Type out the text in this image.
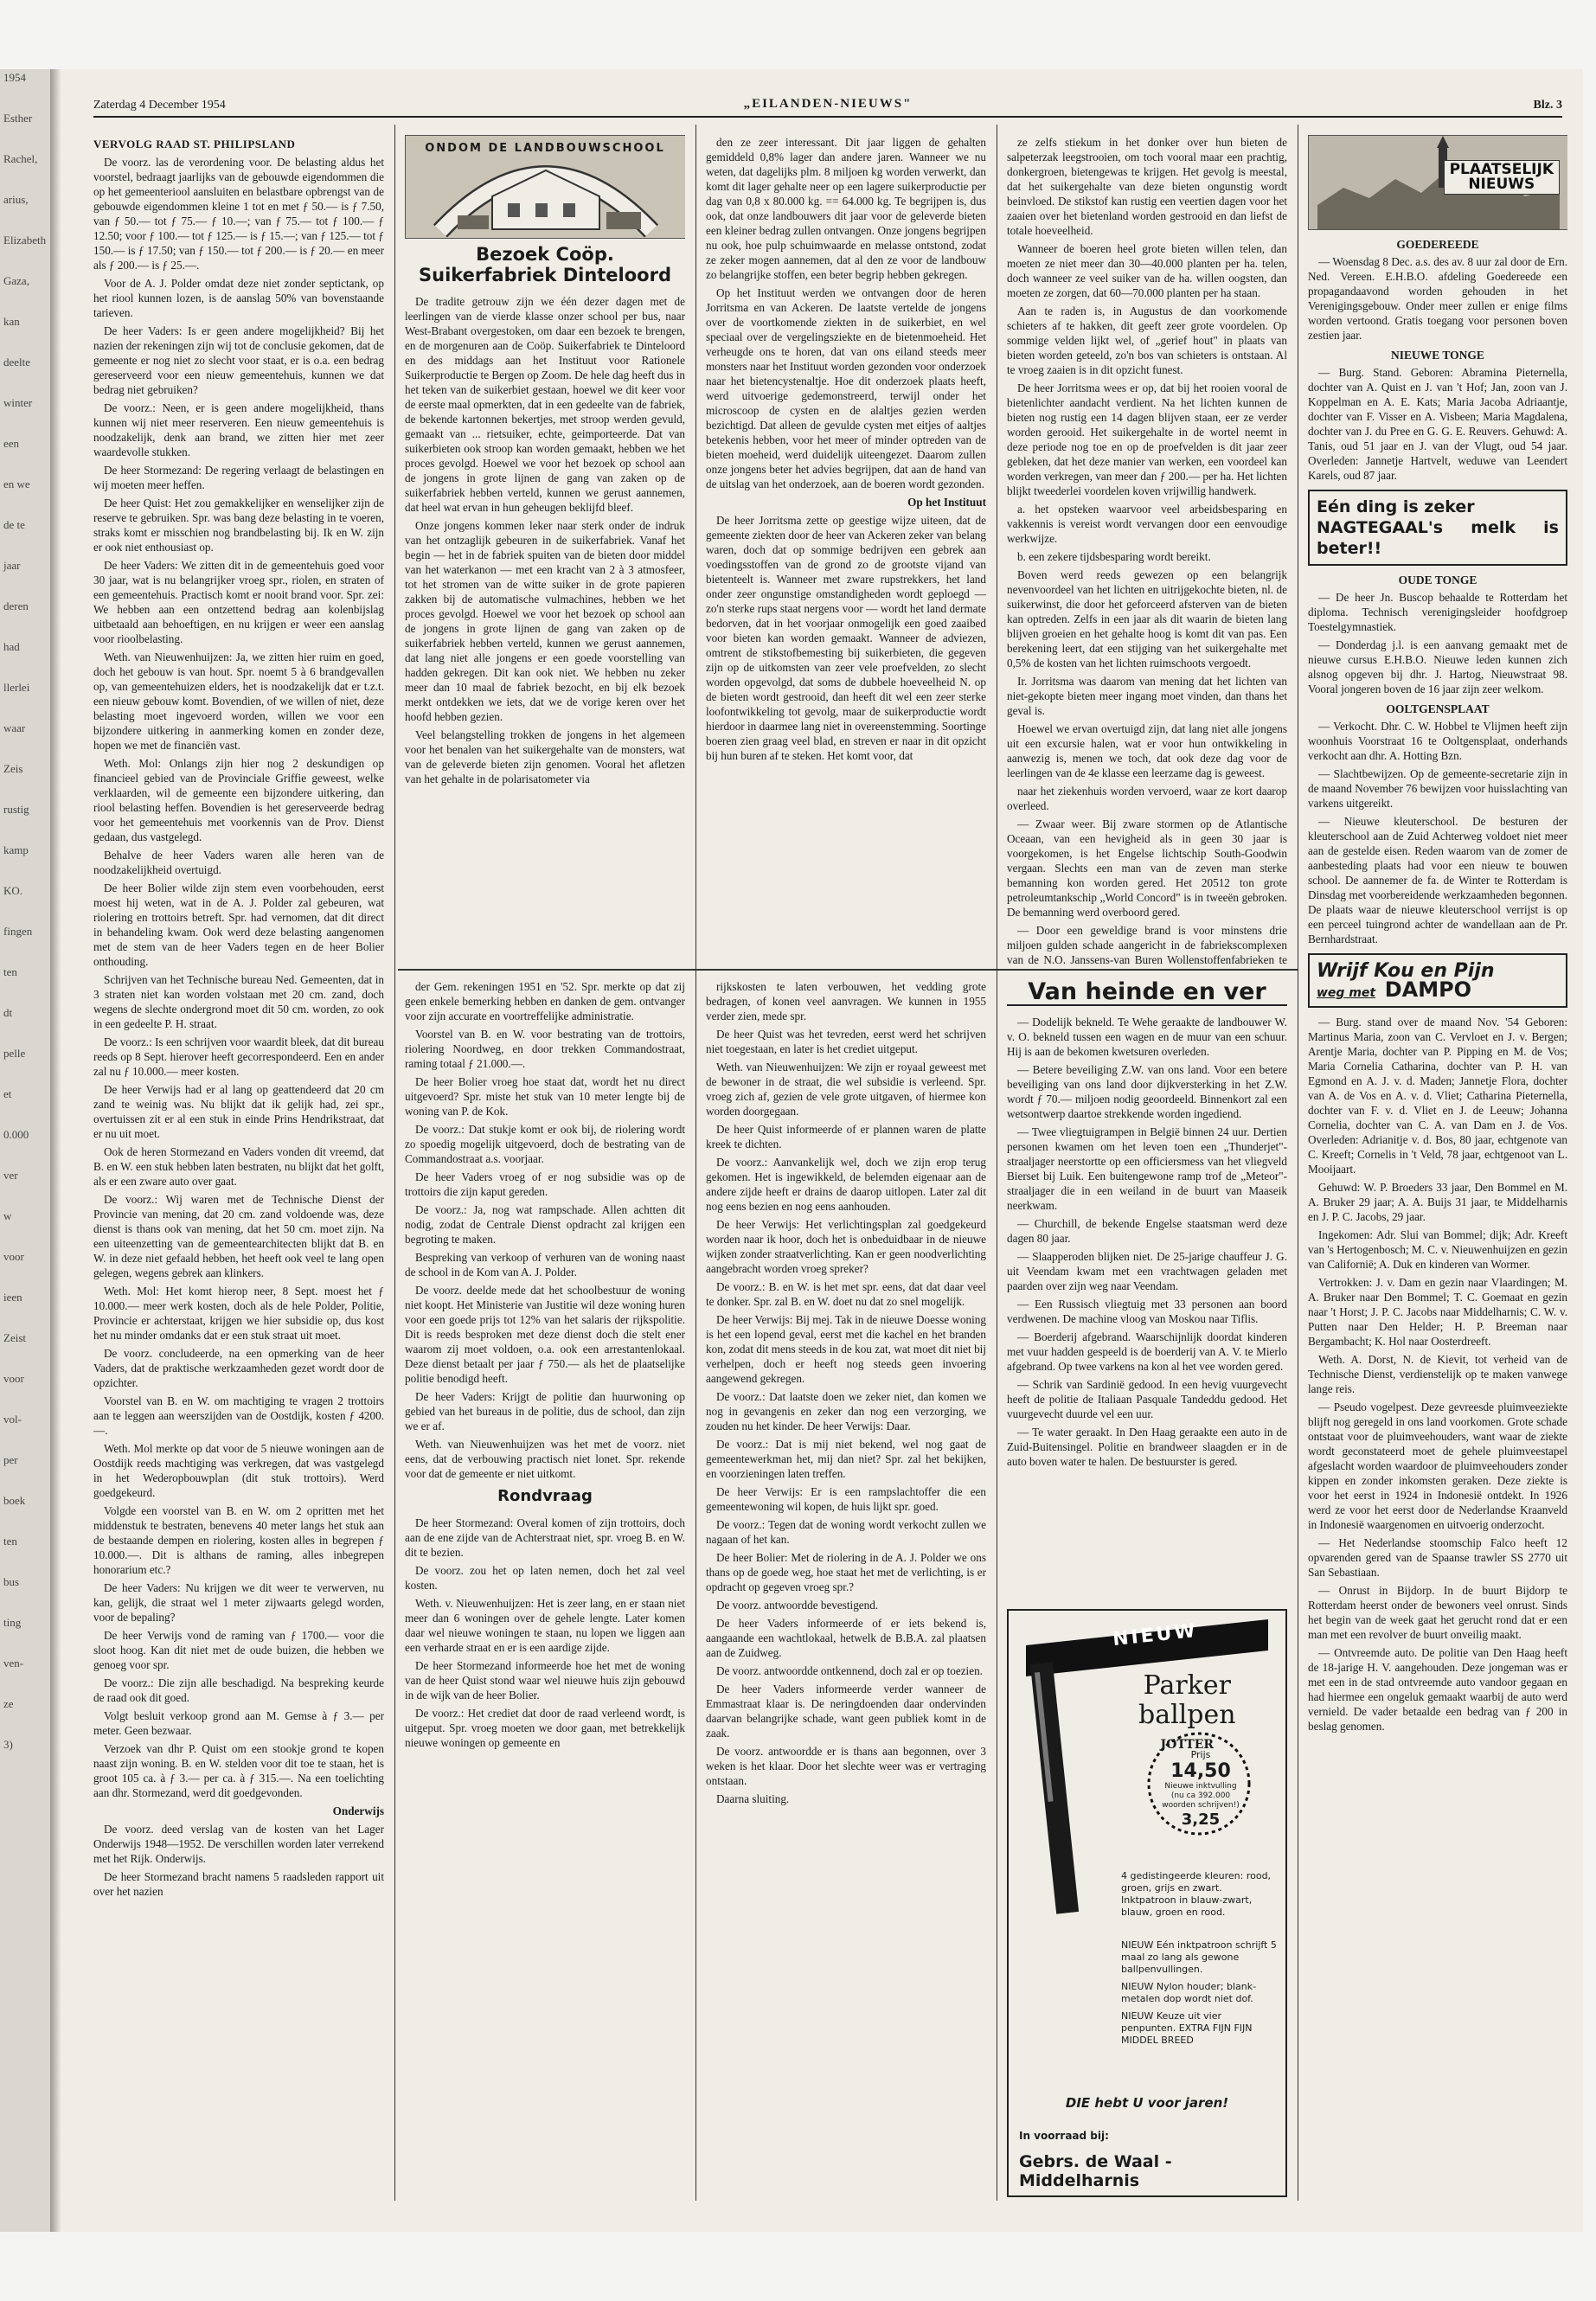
1954
Esther
Rachel,
arius,
Elizabeth
Gaza,
kan
deelte
winter
een
en we
de te
jaar
deren
had
llerlei
waar
Zeis
rustig
kamp
KO.
fingen
ten
dt
pelle
et
0.000
ver
w
voor
ieen
Zeist
voor
vol-
per
boek
ten
bus
ting
ven-
ze
3)
Zaterdag 4 December 1954	„EILANDEN-NIEUWS"	Blz. 3
VERVOLG RAAD ST. PHILIPSLAND

De voorz. las de verordening voor. De belasting aldus het voorstel, bedraagt jaarlijks van de gebouwde eigendommen die op het gemeenteriool aansluiten en belastbare opbrengst van de gebouwde eigendommen kleine 1 tot en met ƒ 50.— is ƒ 7.50, van ƒ 50.— tot ƒ 75.— ƒ 10.—; van ƒ 75.— tot ƒ 100.— ƒ 12.50; voor ƒ 100.— tot ƒ 125.— is ƒ 15.—; van ƒ 125.— tot ƒ 150.— is ƒ 17.50; van ƒ 150.— tot ƒ 200.— is ƒ 20.— en meer als ƒ 200.— is ƒ 25.—.

Voor de A. J. Polder omdat deze niet zonder septictank, op het riool kunnen lozen, is de aanslag 50% van bovenstaande tarieven.

De heer Vaders: Is er geen andere mogelijkheid? Bij het nazien der rekeningen zijn wij tot de conclusie gekomen, dat de gemeente er nog niet zo slecht voor staat, er is o.a. een bedrag gereserveerd voor een nieuw gemeentehuis, kunnen we dat bedrag niet gebruiken?

De voorz.: Neen, er is geen andere mogelijkheid, thans kunnen wij niet meer reserveren. Een nieuw gemeentehuis is noodzakelijk, denk aan brand, we zitten hier met zeer waardevolle stukken.

De heer Stormezand: De regering verlaagt de belastingen en wij moeten meer heffen.

De heer Quist: Het zou gemakkelijker en wenselijker zijn de reserve te gebruiken. Spr. was bang deze belasting in te voeren, straks komt er misschien nog brandbelasting bij. Ik en W. zijn er ook niet enthousiast op.

De heer Vaders: We zitten dit in de gemeentehuis goed voor 30 jaar, wat is nu belangrijker vroeg spr., riolen, en straten of een gemeentehuis. Practisch komt er nooit brand voor. Spr. zei: We hebben aan een ontzettend bedrag aan kolenbijslag uitbetaald aan behoeftigen, en nu krijgen er weer een aanslag voor rioolbelasting.

Weth. van Nieuwenhuijzen: Ja, we zitten hier ruim en goed, doch het gebouw is van hout. Spr. noemt 5 à 6 brandgevallen op, van gemeentehuizen elders, het is noodzakelijk dat er t.z.t. een nieuw gebouw komt. Bovendien, of we willen of niet, deze belasting moet ingevoerd worden, willen we voor een bijzondere uitkering in aanmerking komen en zonder deze, hopen we met de financiën vast.

Weth. Mol: Onlangs zijn hier nog 2 deskundigen op financieel gebied van de Provinciale Griffie geweest, welke verklaarden, wil de gemeente een bijzondere uitkering, dan riool belasting heffen. Bovendien is het gereserveerde bedrag voor het gemeentehuis met voorkennis van de Prov. Dienst gedaan, dus vastgelegd.

Behalve de heer Vaders waren alle heren van de noodzakelijkheid overtuigd.

De heer Bolier wilde zijn stem even voorbehouden, eerst moest hij weten, wat in de A. J. Polder zal gebeuren, wat riolering en trottoirs betreft. Spr. had vernomen, dat dit direct in behandeling kwam. Ook werd deze belasting aangenomen met de stem van de heer Vaders tegen en de heer Bolier onthouding.

Schrijven van het Technische bureau Ned. Gemeenten, dat in 3 straten niet kan worden volstaan met 20 cm. zand, doch wegens de slechte ondergrond moet dit 50 cm. worden, zo ook in een gedeelte P. H. straat.

De voorz.: Is een schrijven voor waardit bleek, dat dit bureau reeds op 8 Sept. hierover heeft gecorrespondeerd. Een en ander zal nu ƒ 10.000.— meer kosten.

De heer Verwijs had er al lang op geattendeerd dat 20 cm zand te weinig was. Nu blijkt dat ik gelijk had, zei spr., overtuissen zit er al een stuk in einde Prins Hendrikstraat, dat er nu uit moet.

Ook de heren Stormezand en Vaders vonden dit vreemd, dat B. en W. een stuk hebben laten bestraten, nu blijkt dat het golft, als er een zware auto over gaat.

De voorz.: Wij waren met de Technische Dienst der Provincie van mening, dat 20 cm. zand voldoende was, deze dienst is thans ook van mening, dat het 50 cm. moet zijn. Na een uiteenzetting van de gemeentearchitecten blijkt dat B. en W. in deze niet gefaald hebben, het heeft ook veel te lang open gelegen, wegens gebrek aan klinkers.

Weth. Mol: Het komt hierop neer, 8 Sept. moest het ƒ 10.000.— meer werk kosten, doch als de hele Polder, Politie, Provincie er achterstaat, krijgen we hier subsidie op, dus kost het nu minder omdanks dat er een stuk straat uit moet.

De voorz. concludeerde, na een opmerking van de heer Vaders, dat de praktische werkzaamheden gezet wordt door de opzichter.

Voorstel van B. en W. om machtiging te vragen 2 trottoirs aan te leggen aan weerszijden van de Oostdijk, kosten ƒ 4200.—.

Weth. Mol merkte op dat voor de 5 nieuwe woningen aan de Oostdijk reeds machtiging was verkregen, dat was vastgelegd in het Wederopbouwplan (dit stuk trottoirs). Werd goedgekeurd.

Volgde een voorstel van B. en W. om 2 opritten met het middenstuk te bestraten, benevens 40 meter langs het stuk aan de bestaande dempen en riolering, kosten alles in begrepen ƒ 10.000.—. Dit is althans de raming, alles inbegrepen honorarium etc.?

De heer Vaders: Nu krijgen we dit weer te verwerven, nu kan, gelijk, die straat wel 1 meter zijwaarts gelegd worden, voor de bepaling?

De heer Verwijs vond de raming van ƒ 1700.— voor die sloot hoog. Kan dit niet met de oude buizen, die hebben we genoeg voor spr.

De voorz.: Die zijn alle beschadigd. Na bespreking keurde de raad ook dit goed.

Volgt besluit verkoop grond aan M. Gemse à ƒ 3.— per meter. Geen bezwaar.

Verzoek van dhr P. Quist om een stookje grond te kopen naast zijn woning. B. en W. stelden voor dit toe te staan, het is groot 105 ca. à ƒ 3.— per ca. à ƒ 315.—. Na een toelichting aan dhr. Stormezand, werd dit goedgevonden.

Onderwijs

De voorz. deed verslag van de kosten van het Lager Onderwijs 1948—1952. De verschillen worden later verrekend met het Rijk. Onderwijs.

De heer Stormezand bracht namens 5 raadsleden rapport uit over het nazien

ONDOM DE LANDBOUWSCHOOL
Bezoek Coöp. Suikerfabriek Dinteloord

De tradite getrouw zijn we één dezer dagen met de leerlingen van de vierde klasse onzer school per bus, naar West-Brabant overgestoken, om daar een bezoek te brengen, en de morgenuren aan de Coöp. Suikerfabriek te Dinteloord en des middags aan het Instituut voor Rationele Suikerproductie te Bergen op Zoom. De hele dag heeft dus in het teken van de suikerbiet gestaan, hoewel we dit keer voor de eerste maal opmerkten, dat in een gedeelte van de fabriek, de bekende kartonnen bekertjes, met stroop werden gevuld, gemaakt van ... rietsuiker, echte, geimporteerde. Dat van suikerbieten ook stroop kan worden gemaakt, hebben we het proces gevolgd. Hoewel we voor het bezoek op school aan de jongens in grote lijnen de gang van zaken op de suikerfabriek hebben verteld, kunnen we gerust aannemen, dat heel wat ervan in hun geheugen beklijfd bleef.

Onze jongens kommen leker naar sterk onder de indruk van het ontzaglijk gebeuren in de suikerfabriek. Vanaf het begin — het in de fabriek spuiten van de bieten door middel van het waterkanon — met een kracht van 2 à 3 atmosfeer, tot het stromen van de witte suiker in de grote papieren zakken bij de automatische vulmachines, hebben we het proces gevolgd. Hoewel we voor het bezoek op school aan de jongens in grote lijnen de gang van zaken op de suikerfabriek hebben verteld, kunnen we gerust aannemen, dat lang niet alle jongens er een goede voorstelling van hadden gekregen. Dit kan ook niet. We hebben nu zeker meer dan 10 maal de fabriek bezocht, en bij elk bezoek merkt ontdekken we iets, dat we de vorige keren over het hoofd hebben gezien.

Veel belangstelling trokken de jongens in het algemeen voor het benalen van het suikergehalte van de monsters, wat van de geleverde bieten zijn genomen. Vooral het afletzen van het gehalte in de polarisatometer via

den ze zeer interessant. Dit jaar liggen de gehalten gemiddeld 0,8% lager dan andere jaren. Wanneer we nu weten, dat dagelijks plm. 8 miljoen kg worden verwerkt, dan komt dit lager gehalte neer op een lagere suikerproductie per dag van 0,8 x 80.000 kg. == 64.000 kg. Te begrijpen is, dus ook, dat onze landbouwers dit jaar voor de geleverde bieten een kleiner bedrag zullen ontvangen. Onze jongens begrijpen nu ook, hoe pulp schuimwaarde en melasse ontstond, zodat ze zeker mogen aannemen, dat al den ze voor de landbouw zo belangrijke stoffen, een beter begrip hebben gekregen.

Op het Instituut werden we ontvangen door de heren Jorritsma en van Ackeren. De laatste vertelde de jongens over de voortkomende ziekten in de suikerbiet, en wel speciaal over de vergelingsziekte en de bietenmoeheid. Het verheugde ons te horen, dat van ons eiland steeds meer monsters naar het Instituut worden gezonden voor onderzoek naar het bietencystenaltje. Hoe dit onderzoek plaats heeft, werd uitvoerige gedemonstreerd, terwijl onder het microscoop de cysten en de alaltjes gezien werden bezichtigd. Dat alleen de gevulde cysten met eitjes of aaltjes betekenis hebben, voor het meer of minder optreden van de bieten moeheid, werd duidelijk uiteengezet. Daarom zullen onze jongens beter het advies begrijpen, dat aan de hand van de uitslag van het onderzoek, aan de boeren wordt gezonden.

Op het Instituut

De heer Jorritsma zette op geestige wijze uiteen, dat de gemeente ziekten door de heer van Ackeren zeker van belang waren, doch dat op sommige bedrijven een gebrek aan voedingsstoffen van de grond zo de grootste vijand van bietenteelt is. Wanneer met zware rupstrekkers, het land onder zeer ongunstige omstandigheden wordt geploegd — zo'n sterke rups staat nergens voor — wordt het land dermate bedorven, dat in het voorjaar onmogelijk een goed zaaibed voor bieten kan worden gemaakt. Wanneer de adviezen, omtrent de stikstofbemesting bij suikerbieten, die gegeven zijn op de uitkomsten van zeer vele proefvelden, zo slecht worden opgevolgd, dat soms de dubbele hoeveelheid N. op de bieten wordt gestrooid, dan heeft dit wel een zeer sterke loofontwikkeling tot gevolg, maar de suikerproductie wordt hierdoor in daarmee lang niet in overeenstemming. Soortinge boeren zien graag veel blad, en streven er naar in dit opzicht bij hun buren af te steken. Het komt voor, dat

ze zelfs stiekum in het donker over hun bieten de salpeterzak leegstrooien, om toch vooral maar een prachtig, donkergroen, bietengewas te krijgen. Het gevolg is meestal, dat het suikergehalte van deze bieten ongunstig wordt beinvloed. De stikstof kan rustig een veertien dagen voor het zaaien over het bietenland worden gestrooid en dan liefst de totale hoeveelheid.

Wanneer de boeren heel grote bieten willen telen, dan moeten ze niet meer dan 30—40.000 planten per ha. telen, doch wanneer ze veel suiker van de ha. willen oogsten, dan moeten ze zorgen, dat 60—70.000 planten per ha staan.

Aan te raden is, in Augustus de dan voorkomende schieters af te hakken, dit geeft zeer grote voordelen. Op sommige velden lijkt wel, of „gerief hout" in plaats van bieten worden geteeld, zo'n bos van schieters is ontstaan. Al te vroeg zaaien is in dit opzicht funest.

De heer Jorritsma wees er op, dat bij het rooien vooral de bietenlichter aandacht verdient. Na het lichten kunnen de bieten nog rustig een 14 dagen blijven staan, eer ze verder worden gerooid. Het suikergehalte in de wortel neemt in deze periode nog toe en op de proefvelden is dit jaar zeer gebleken, dat het deze manier van werken, een voordeel kan worden verkregen, van meer dan ƒ 200.— per ha. Het lichten blijkt tweederlei voordelen koven vrijwillig handwerk.

a. het opsteken waarvoor veel arbeidsbesparing en vakkennis is vereist wordt vervangen door een eenvoudige werkwijze.

b. een zekere tijdsbesparing wordt bereikt.

Boven werd reeds gewezen op een belangrijk nevenvoordeel van het lichten en uitrijgekochte bieten, nl. de suikerwinst, die door het geforceerd afsterven van de bieten kan optreden. Zelfs in een jaar als dit waarin de bieten lang blijven groeien en het gehalte hoog is komt dit van pas. Een berekening leert, dat een stijging van het suikergehalte met 0,5% de kosten van het lichten ruimschoots vergoedt.

Ir. Jorritsma was daarom van mening dat het lichten van niet-gekopte bieten meer ingang moet vinden, dan thans het geval is.

Hoewel we ervan overtuigd zijn, dat lang niet alle jongens uit een excursie halen, wat er voor hun ontwikkeling in aanwezig is, menen we toch, dat ook deze dag voor de leerlingen van de 4e klasse een leerzame dag is geweest.

naar het ziekenhuis worden vervoerd, waar ze kort daarop overleed.

— Zwaar weer. Bij zware stormen op de Atlantische Oceaan, van een hevigheid als in geen 30 jaar is voorgekomen, is het Engelse lichtschip South-Goodwin vergaan. Slechts een man van de zeven man sterke bemanning kon worden gered. Het 20512 ton grote petroleumtankschip „World Concord" is in tweeën gebroken. De bemanning werd overboord gered.

— Door een geweldige brand is voor minstens drie miljoen gulden schade aangericht in de fabriekscomplexen van de N.O. Janssens-van Buren Wollenstoffenfabrieken te

der Gem. rekeningen 1951 en '52. Spr. merkte op dat zij geen enkele bemerking hebben en danken de gem. ontvanger voor zijn accurate en voortreffelijke administratie.

Voorstel van B. en W. voor bestrating van de trottoirs, riolering Noordweg, en door trekken Commandostraat, raming totaal ƒ 21.000.—.

De heer Bolier vroeg hoe staat dat, wordt het nu direct uitgevoerd? Spr. miste het stuk van 10 meter lengte bij de woning van P. de Kok.

De voorz.: Dat stukje komt er ook bij, de riolering wordt zo spoedig mogelijk uitgevoerd, doch de bestrating van de Commandostraat a.s. voorjaar.

De heer Vaders vroeg of er nog subsidie was op de trottoirs die zijn kaput gereden.

De voorz.: Ja, nog wat rampschade. Allen achtten dit nodig, zodat de Centrale Dienst opdracht zal krijgen een begroting te maken.

Bespreking van verkoop of verhuren van de woning naast de school in de Kom van A. J. Polder.

De voorz. deelde mede dat het schoolbestuur de woning niet koopt. Het Ministerie van Justitie wil deze woning huren voor een goede prijs tot 12% van het salaris der rijkspolitie. Dit is reeds besproken met deze dienst doch die stelt ener waarom zij moet voldoen, o.a. ook een arrestantenlokaal. Deze dienst betaalt per jaar ƒ 750.— als het de plaatselijke politie benodigd heeft.

De heer Vaders: Krijgt de politie dan huurwoning op gebied van het bureaus in de politie, dus de school, dan zijn we er af.

Weth. van Nieuwenhuijzen was het met de voorz. niet eens, dat de verbouwing practisch niet lonet. Spr. rekende voor dat de gemeente er niet uitkomt.

Rondvraag

De heer Stormezand: Overal komen of zijn trottoirs, doch aan de ene zijde van de Achterstraat niet, spr. vroeg B. en W. dit te bezien.

De voorz. zou het op laten nemen, doch het zal veel kosten.

Weth. v. Nieuwenhuijzen: Het is zeer lang, en er staan niet meer dan 6 woningen over de gehele lengte. Later komen daar wel nieuwe woningen te staan, nu lopen we liggen aan een verharde straat en er is een aardige zijde.

De heer Stormezand informeerde hoe het met de woning van de heer Quist stond waar wel nieuwe huis zijn gebouwd in de wijk van de heer Bolier.

De voorz.: Het crediet dat door de raad verleend wordt, is uitgeput. Spr. vroeg moeten we door gaan, met betrekkelijk nieuwe woningen op gemeente en

rijkskosten te laten verbouwen, het vedding grote bedragen, of konen veel aanvragen. We kunnen in 1955 verder zien, mede spr.

De heer Quist was het tevreden, eerst werd het schrijven niet toegestaan, en later is het crediet uitgeput.

Weth. van Nieuwenhuijzen: We zijn er royaal geweest met de bewoner in de straat, die wel subsidie is verleend. Spr. vroeg zich af, gezien de vele grote uitgaven, of hiermee kon worden doorgegaan.

De heer Quist informeerde of er plannen waren de platte kreek te dichten.

De voorz.: Aanvankelijk wel, doch we zijn erop terug gekomen. Het is ingewikkeld, de belemden eigenaar aan de andere zijde heeft er drains de daarop uitlopen. Later zal dit nog eens bezien en nog eens aanhouden.

De heer Verwijs: Het verlichtingsplan zal goedgekeurd worden naar ik hoor, doch het is onbeduidbaar in de nieuwe wijken zonder straatverlichting. Kan er geen noodverlichting aangebracht worden vroeg spreker?

De voorz.: B. en W. is het met spr. eens, dat dat daar veel te donker. Spr. zal B. en W. doet nu dat zo snel mogelijk.

De heer Verwijs: Bij mej. Tak in de nieuwe Doesse woning is het een lopend geval, eerst met die kachel en het branden kon, zodat dit mens steeds in de kou zat, wat moet dit niet bij verhelpen, doch er heeft nog steeds geen invoering aangewend gekregen.

De voorz.: Dat laatste doen we zeker niet, dan komen we nog in gevangenis en zeker dan nog een verzorging, we zouden nu het kinder. De heer Verwijs: Daar.

De voorz.: Dat is mij niet bekend, wel nog gaat de gemeentewerkman het, mij dan niet? Spr. zal het bekijken, en voorzieningen laten treffen.

De heer Verwijs: Er is een rampslachtoffer die een gemeentewoning wil kopen, de huis lijkt spr. goed.

De voorz.: Tegen dat de woning wordt verkocht zullen we nagaan of het kan.

De heer Bolier: Met de riolering in de A. J. Polder we ons thans op de goede weg, hoe staat het met de verlichting, is er opdracht op gegeven vroeg spr.?

De voorz. antwoordde bevestigend.

De heer Vaders informeerde of er iets bekend is, aangaande een wachtlokaal, hetwelk de B.B.A. zal plaatsen aan de Zuidweg.

De voorz. antwoordde ontkennend, doch zal er op toezien.

De heer Vaders informeerde verder wanneer de Emmastraat klaar is. De neringdoenden daar ondervinden daarvan belangrijke schade, want geen publiek komt in de zaak.

De voorz. antwoordde er is thans aan begonnen, over 3 weken is het klaar. Door het slechte weer was er vertraging ontstaan.

Daarna sluiting.

Van heinde en ver

— Dodelijk bekneld. Te Wehe geraakte de landbouwer W. v. O. bekneld tussen een wagen en de muur van een schuur. Hij is aan de bekomen kwetsuren overleden.

— Betere beveiliging Z.W. van ons land. Voor een betere beveiliging van ons land door dijkversterking in het Z.W. wordt ƒ 70.— miljoen nodig geoordeeld. Binnenkort zal een wetsontwerp daartoe strekkende worden ingediend.

— Twee vliegtuigrampen in België binnen 24 uur. Dertien personen kwamen om het leven toen een „Thunderjet"-straaljager neerstortte op een officiersmess van het vliegveld Bierset bij Luik. Een buitengewone ramp trof de „Meteor"-straaljager die in een weiland in de buurt van Maaseik neerkwam.

— Churchill, de bekende Engelse staatsman werd deze dagen 80 jaar.

— Slaapperoden blijken niet. De 25-jarige chauffeur J. G. uit Veendam kwam met een vrachtwagen geladen met paarden over zijn weg naar Veendam.

— Een Russisch vliegtuig met 33 personen aan boord verdwenen. De machine vloog van Moskou naar Tiflis.

— Boerderij afgebrand. Waarschijnlijk doordat kinderen met vuur hadden gespeeld is de boerderij van A. V. te Mierlo afgebrand. Op twee varkens na kon al het vee worden gered.

— Schrik van Sardinië gedood. In een hevig vuurgevecht heeft de politie de Italiaan Pasquale Tandeddu gedood. Het vuurgevecht duurde vel een uur.

— Te water geraakt. In Den Haag geraakte een auto in de Zuid-Buitensingel. Politie en brandweer slaagden er in de auto boven water te halen. De bestuurster is gered.

PLAATSELIJK
NIEUWS
GOEDEREEDE

— Woensdag 8 Dec. a.s. des av. 8 uur zal door de Ern. Ned. Vereen. E.H.B.O. afdeling Goedereede een propagandaavond worden gehouden in het Verenigingsgebouw. Onder meer zullen er enige films worden vertoond. Gratis toegang voor personen boven zestien jaar.

NIEUWE TONGE

— Burg. Stand. Geboren: Abramina Pieternella, dochter van A. Quist en J. van 't Hof; Jan, zoon van J. Koppelman en A. E. Kats; Maria Jacoba Adriaantje, dochter van F. Visser en A. Visbeen; Maria Magdalena, dochter van J. du Pree en G. G. E. Reuvers. Gehuwd: A. Tanis, oud 51 jaar en J. van der Vlugt, oud 54 jaar. Overleden: Jannetje Hartvelt, weduwe van Leendert Karels, oud 87 jaar.

Eén ding is zeker
NAGTEGAAL's melk is beter!!
OUDE TONGE

— De heer Jn. Buscop behaalde te Rotterdam het diploma. Technisch verenigingsleider hoofdgroep Toestelgymnastiek.

— Donderdag j.l. is een aanvang gemaakt met de nieuwe cursus E.H.B.O. Nieuwe leden kunnen zich alsnog opgeven bij dhr. J. Hartog, Nieuwstraat 98. Vooral jongeren boven de 16 jaar zijn zeer welkom.

OOLTGENSPLAAT

— Verkocht. Dhr. C. W. Hobbel te Vlijmen heeft zijn woonhuis Voorstraat 16 te Ooltgensplaat, onderhands verkocht aan dhr. A. Hotting Bzn.

— Slachtbewijzen. Op de gemeente-secretarie zijn in de maand November 76 bewijzen voor huisslachting van varkens uitgereikt.

— Nieuwe kleuterschool. De besturen der kleuterschool aan de Zuid Achterweg voldoet niet meer aan de gestelde eisen. Reden waarom van de zomer de aanbesteding plaats had voor een nieuw te bouwen school. De aannemer de fa. de Winter te Rotterdam is Dinsdag met voorbereidende werkzaamheden begonnen. De plaats waar de nieuwe kleuterschool verrijst is op een perceel tuingrond achter de wandellaan aan de Pr. Bernhardstraat.

Wrijf Kou en Pijn
weg met DAMPO

— Burg. stand over de maand Nov. '54 Geboren: Martinus Maria, zoon van C. Vervloet en J. v. Bergen; Arentje Maria, dochter van P. Pipping en M. de Vos; Maria Cornelia Catharina, dochter van P. H. van Egmond en A. J. v. d. Maden; Jannetje Flora, dochter van A. de Vos en A. v. d. Vliet; Catharina Pieternella, dochter van F. v. d. Vliet en J. de Leeuw; Johanna Cornelia, dochter van C. A. van Dam en J. de Vos. Overleden: Adrianitje v. d. Bos, 80 jaar, echtgenote van C. Kreeft; Cornelis in 't Veld, 78 jaar, echtgenoot van L. Mooijaart.

Gehuwd: W. P. Broeders 33 jaar, Den Bommel en M. A. Bruker 29 jaar; A. A. Buijs 31 jaar, te Middelharnis en J. P. C. Jacobs, 29 jaar.

Ingekomen: Adr. Slui van Bommel; dijk; Adr. Kreeft van 's Hertogenbosch; M. C. v. Nieuwenhuijzen en gezin van Californië; A. Duk en kinderen van Wormer.

Vertrokken: J. v. Dam en gezin naar Vlaardingen; M. A. Bruker naar Den Bommel; T. C. Goemaat en gezin naar 't Horst; J. P. C. Jacobs naar Middelharnis; C. W. v. Putten naar Den Helder; H. P. Breeman naar Bergambacht; K. Hol naar Oosterdreeft.

Weth. A. Dorst, N. de Kievit, tot verheid van de Technische Dienst, verdienstelijk op te maken vanwege lange reis.

— Pseudo vogelpest. Deze gevreesde pluimveeziekte blijft nog geregeld in ons land voorkomen. Grote schade ontstaat voor de pluimveehouders, want waar de ziekte wordt geconstateerd moet de gehele pluimveestapel afgeslacht worden waardoor de pluimveehouders zonder kippen en zonder inkomsten geraken. Deze ziekte is voor het eerst in 1924 in Indonesië ontdekt. In 1926 werd ze voor het eerst door de Nederlandse Kraanveld in Indonesië waargenomen en uitvoerig onderzocht.

— Het Nederlandse stoomschip Falco heeft 12 opvarenden gered van de Spaanse trawler SS 2770 uit San Sebastiaan.

— Onrust in Bijdorp. In de buurt Bijdorp te Rotterdam heerst onder de bewoners veel onrust. Sinds het begin van de week gaat het gerucht rond dat er een man met een revolver de buurt onveilig maakt.

— Ontvreemde auto. De politie van Den Haag heeft de 18-jarige H. V. aangehouden. Deze jongeman was er met een in de stad ontvreemde auto vandoor gegaan en had hiermee een ongeluk gemaakt waarbij de auto werd vernield. De vader betaalde een bedrag van ƒ 200 in beslag genomen.

NIEUW
Parker
ballpen
JOTTER
Prijs 14,50
Nieuwe inktvulling
(nu ca 392.000
woorden schrijven!)
3,25
4 gedistingeerde kleuren: rood, groen, grijs en zwart. Inktpatroon in blauw-zwart, blauw, groen en rood.
NIEUW Eén inktpatroon schrijft 5 maal zo lang als gewone ballpenvullingen.
NIEUW Nylon houder; blank-metalen dop wordt niet dof.
NIEUW Keuze uit vier penpunten. EXTRA FIJN FIJN MIDDEL BREED
DIE hebt U voor jaren!
In voorraad bij:
Gebrs. de Waal - Middelharnis
